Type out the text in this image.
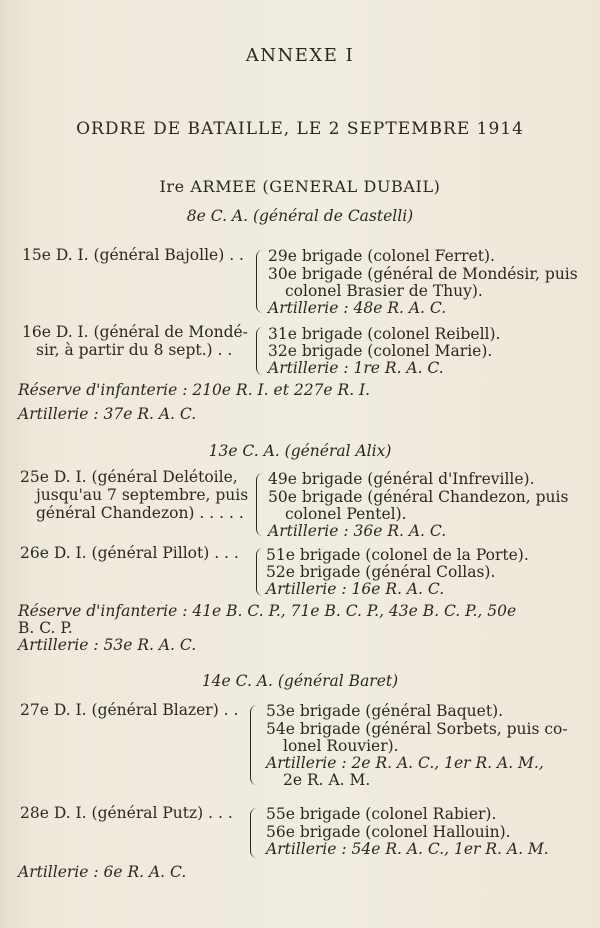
ANNEXE I
ORDRE DE BATAILLE, LE 2 SEPTEMBRE 1914
Ire ARMEE (GENERAL DUBAIL)
8e C. A. (général de Castelli)
15e D. I. (général Bajolle) . . 29e brigade (colonel Ferret).
30e brigade (général de Mondésir, puis
colonel Brasier de Thuy).
Artillerie : 48e R. A. C.
16e D. I. (général de Mondé-
sir, à partir du 8 sept.) . .
31e brigade (colonel Reibell).
32e brigade (colonel Marie).
Artillerie : 1re R. A. C.
Réserve d'infanterie : 210e R. I. et 227e R. I.
Artillerie : 37e R. A. C.
13e C. A. (général Alix)
25e D. I. (général Delétoile,
jusqu'au 7 septembre, puis
général Chandezon) . . . . .
49e brigade (général d'Infreville).
50e brigade (général Chandezon, puis
colonel Pentel).
Artillerie : 36e R. A. C.
26e D. I. (général Pillot) . . . 51e brigade (colonel de la Porte).
52e brigade (général Collas).
Artillerie : 16e R. A. C.
Réserve d'infanterie : 41e B. C. P., 71e B. C. P., 43e B. C. P., 50e
B. C. P.
Artillerie : 53e R. A. C.
14e C. A. (général Baret)
27e D. I. (général Blazer) . . 53e brigade (général Baquet).
54e brigade (général Sorbets, puis co-
lonel Rouvier).
Artillerie : 2e R. A. C., 1er R. A. M.,
2e R. A. M.
28e D. I. (général Putz) . . . 55e brigade (colonel Rabier).
56e brigade (colonel Hallouin).
Artillerie : 54e R. A. C., 1er R. A. M.
Artillerie : 6e R. A. C.
